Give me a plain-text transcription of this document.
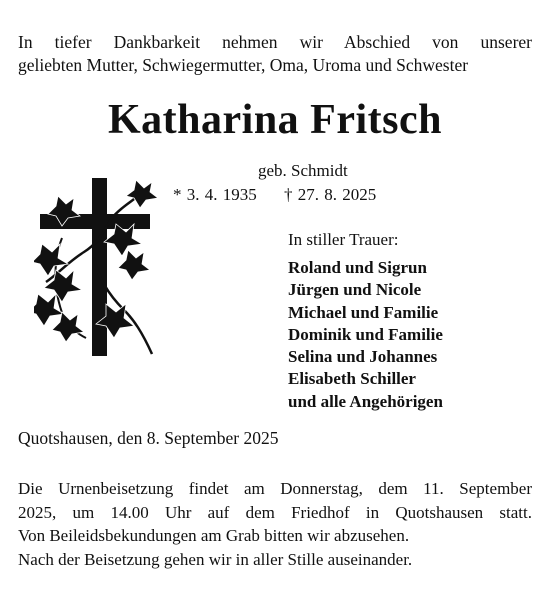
In tiefer Dankbarkeit nehmen wir Abschied von unserer
geliebten Mutter, Schwiegermutter, Oma, Uroma und Schwester
Katharina Fritsch
geb. Schmidt
* 3. 4. 1935 † 27. 8. 2025
In stiller Trauer:
Roland und Sigrun
Jürgen und Nicole
Michael und Familie
Dominik und Familie
Selina und Johannes
Elisabeth Schiller
und alle Angehörigen
Quotshausen, den 8. September 2025
Die Urnenbeisetzung findet am Donnerstag, dem 11. September
2025, um 14.00 Uhr auf dem Friedhof in Quotshausen statt.
Von Beileidsbekundungen am Grab bitten wir abzusehen.
Nach der Beisetzung gehen wir in aller Stille auseinander.
